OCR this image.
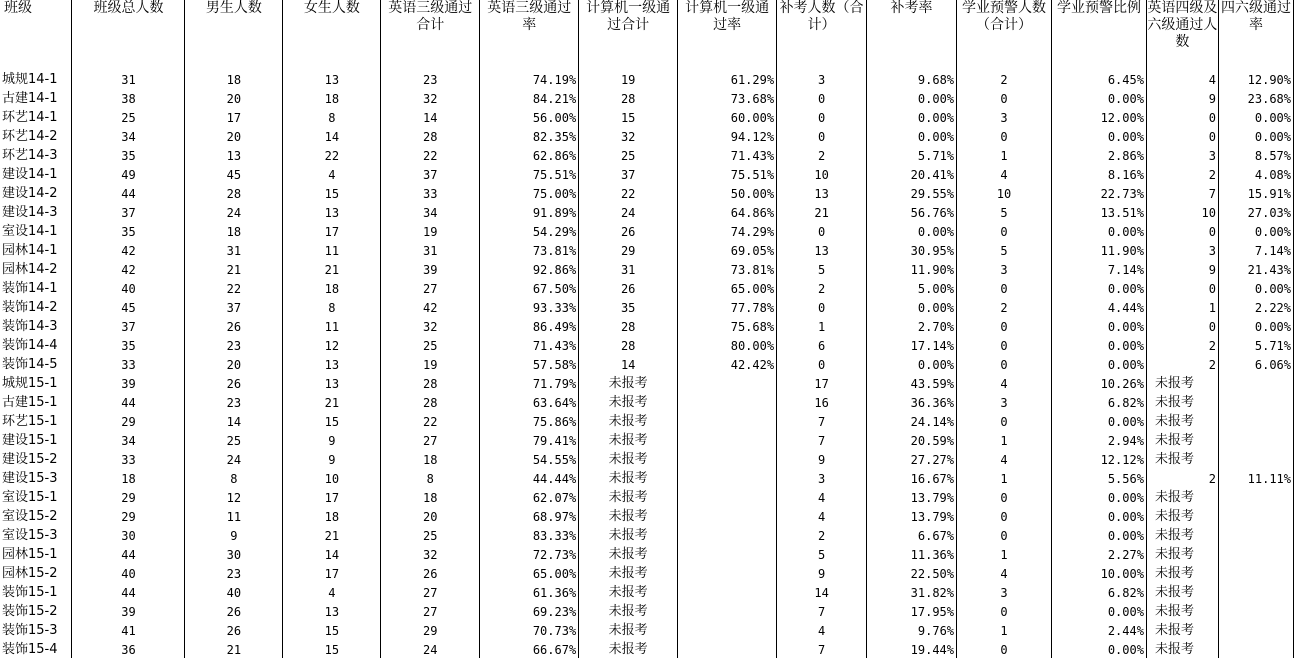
班级	班级总人数	男生人数	女生人数	英语三级通过合计	英语三级通过率	计算机一级通过合计	计算机一级通过率	补考人数（合计）	补考率	学业预警人数（合计）	学业预警比例	英语四级及六级通过人数	四六级通过率
城规14-1	31	18	13	23	74.19%	19	61.29%	3	9.68%	2	6.45%	4	12.90%
古建14-1	38	20	18	32	84.21%	28	73.68%	0	0.00%	0	0.00%	9	23.68%
环艺14-1	25	17	8	14	56.00%	15	60.00%	0	0.00%	3	12.00%	0	0.00%
环艺14-2	34	20	14	28	82.35%	32	94.12%	0	0.00%	0	0.00%	0	0.00%
环艺14-3	35	13	22	22	62.86%	25	71.43%	2	5.71%	1	2.86%	3	8.57%
建设14-1	49	45	4	37	75.51%	37	75.51%	10	20.41%	4	8.16%	2	4.08%
建设14-2	44	28	15	33	75.00%	22	50.00%	13	29.55%	10	22.73%	7	15.91%
建设14-3	37	24	13	34	91.89%	24	64.86%	21	56.76%	5	13.51%	10	27.03%
室设14-1	35	18	17	19	54.29%	26	74.29%	0	0.00%	0	0.00%	0	0.00%
园林14-1	42	31	11	31	73.81%	29	69.05%	13	30.95%	5	11.90%	3	7.14%
园林14-2	42	21	21	39	92.86%	31	73.81%	5	11.90%	3	7.14%	9	21.43%
装饰14-1	40	22	18	27	67.50%	26	65.00%	2	5.00%	0	0.00%	0	0.00%
装饰14-2	45	37	8	42	93.33%	35	77.78%	0	0.00%	2	4.44%	1	2.22%
装饰14-3	37	26	11	32	86.49%	28	75.68%	1	2.70%	0	0.00%	0	0.00%
装饰14-4	35	23	12	25	71.43%	28	80.00%	6	17.14%	0	0.00%	2	5.71%
装饰14-5	33	20	13	19	57.58%	14	42.42%	0	0.00%	0	0.00%	2	6.06%
城规15-1	39	26	13	28	71.79%	未报考		17	43.59%	4	10.26%	未报考	
古建15-1	44	23	21	28	63.64%	未报考		16	36.36%	3	6.82%	未报考	
环艺15-1	29	14	15	22	75.86%	未报考		7	24.14%	0	0.00%	未报考	
建设15-1	34	25	9	27	79.41%	未报考		7	20.59%	1	2.94%	未报考	
建设15-2	33	24	9	18	54.55%	未报考		9	27.27%	4	12.12%	未报考	
建设15-3	18	8	10	8	44.44%	未报考		3	16.67%	1	5.56%	2	11.11%
室设15-1	29	12	17	18	62.07%	未报考		4	13.79%	0	0.00%	未报考	
室设15-2	29	11	18	20	68.97%	未报考		4	13.79%	0	0.00%	未报考	
室设15-3	30	9	21	25	83.33%	未报考		2	6.67%	0	0.00%	未报考	
园林15-1	44	30	14	32	72.73%	未报考		5	11.36%	1	2.27%	未报考	
园林15-2	40	23	17	26	65.00%	未报考		9	22.50%	4	10.00%	未报考	
装饰15-1	44	40	4	27	61.36%	未报考		14	31.82%	3	6.82%	未报考	
装饰15-2	39	26	13	27	69.23%	未报考		7	17.95%	0	0.00%	未报考	
装饰15-3	41	26	15	29	70.73%	未报考		4	9.76%	1	2.44%	未报考	
装饰15-4	36	21	15	24	66.67%	未报考		7	19.44%	0	0.00%	未报考	
